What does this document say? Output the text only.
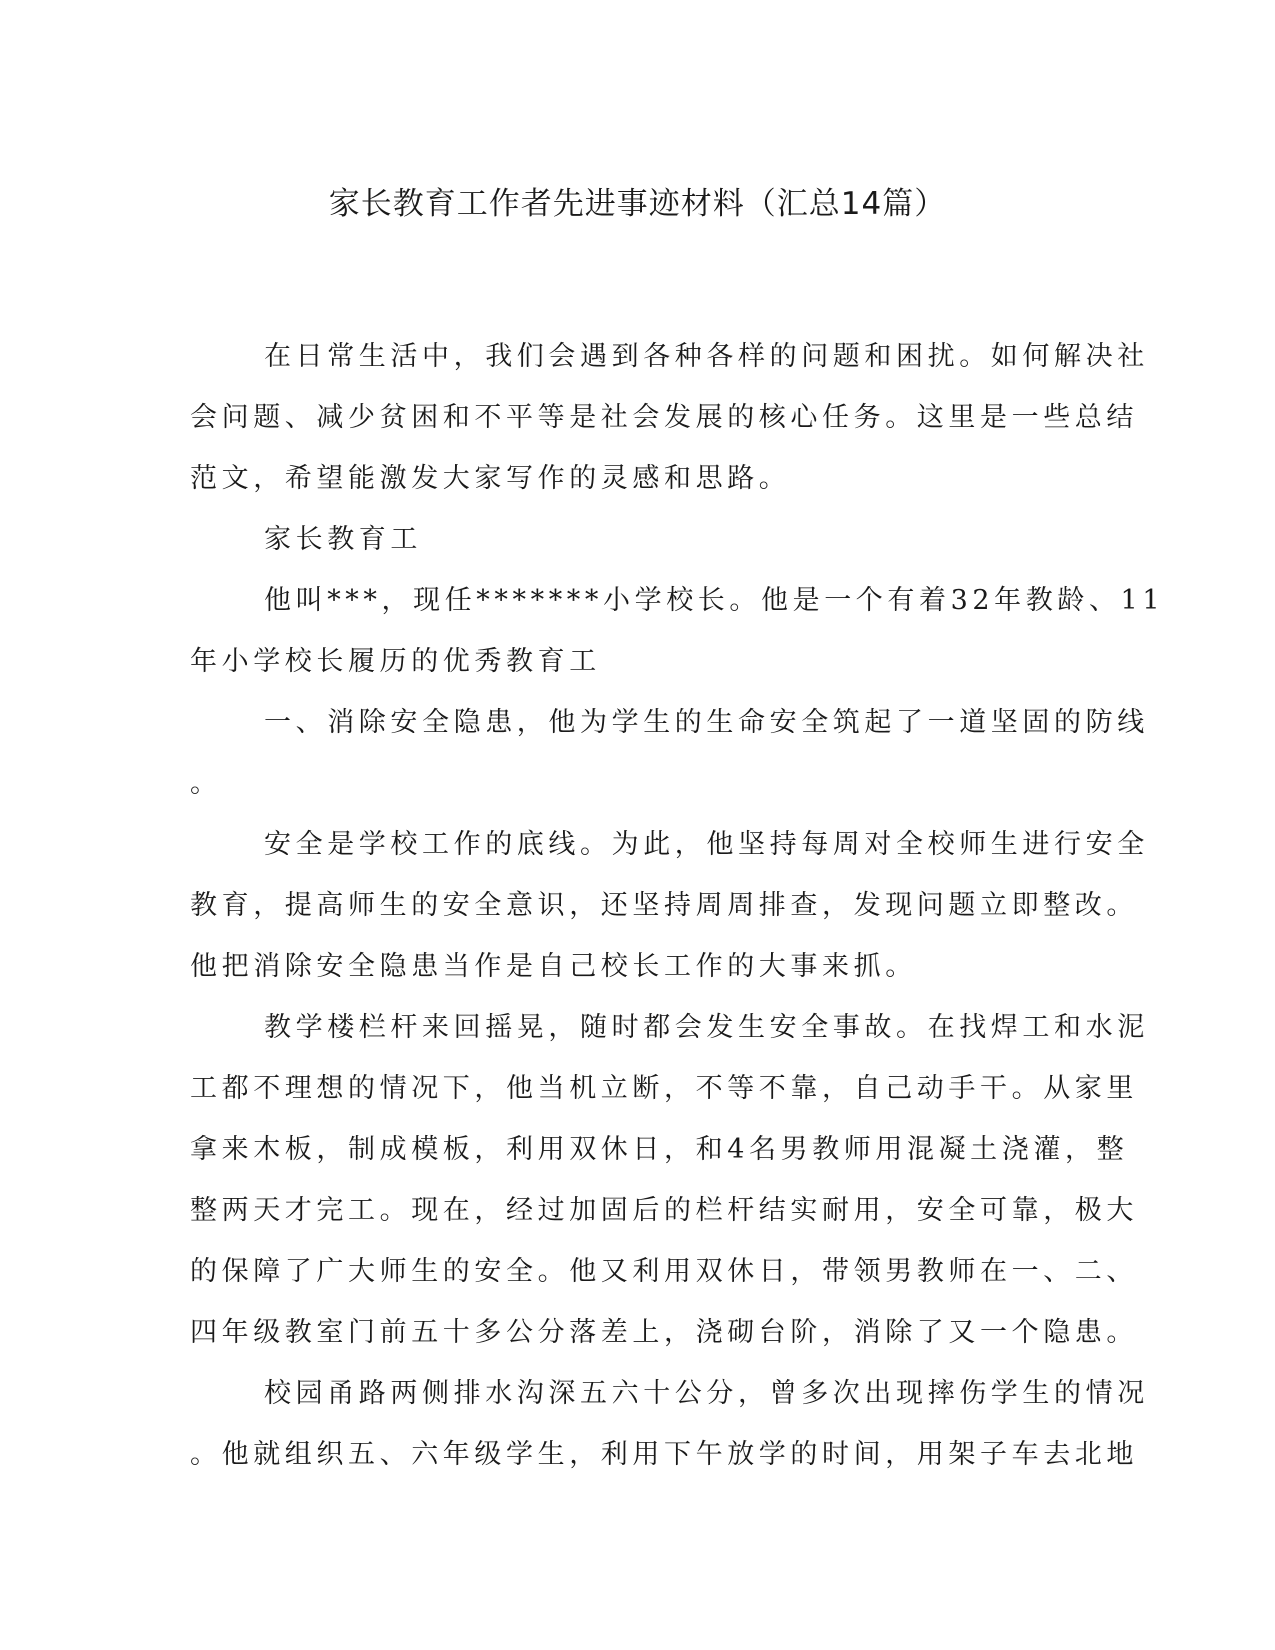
家长教育工作者先进事迹材料（汇总14篇）
在日常生活中，我们会遇到各种各样的问题和困扰。如何解决社
会问题、减少贫困和不平等是社会发展的核心任务。这里是一些总结
范文，希望能激发大家写作的灵感和思路。
家长教育工
他叫***，现任*******小学校长。他是一个有着32年教龄、11
年小学校长履历的优秀教育工
一、消除安全隐患，他为学生的生命安全筑起了一道坚固的防线
。
安全是学校工作的底线。为此，他坚持每周对全校师生进行安全
教育，提高师生的安全意识，还坚持周周排查，发现问题立即整改。
他把消除安全隐患当作是自己校长工作的大事来抓。
教学楼栏杆来回摇晃，随时都会发生安全事故。在找焊工和水泥
工都不理想的情况下，他当机立断，不等不靠，自己动手干。从家里
拿来木板，制成模板，利用双休日，和4名男教师用混凝土浇灌，整
整两天才完工。现在，经过加固后的栏杆结实耐用，安全可靠，极大
的保障了广大师生的安全。他又利用双休日，带领男教师在一、二、
四年级教室门前五十多公分落差上，浇砌台阶，消除了又一个隐患。
校园甬路两侧排水沟深五六十公分，曾多次出现摔伤学生的情况
。他就组织五、六年级学生，利用下午放学的时间，用架子车去北地
